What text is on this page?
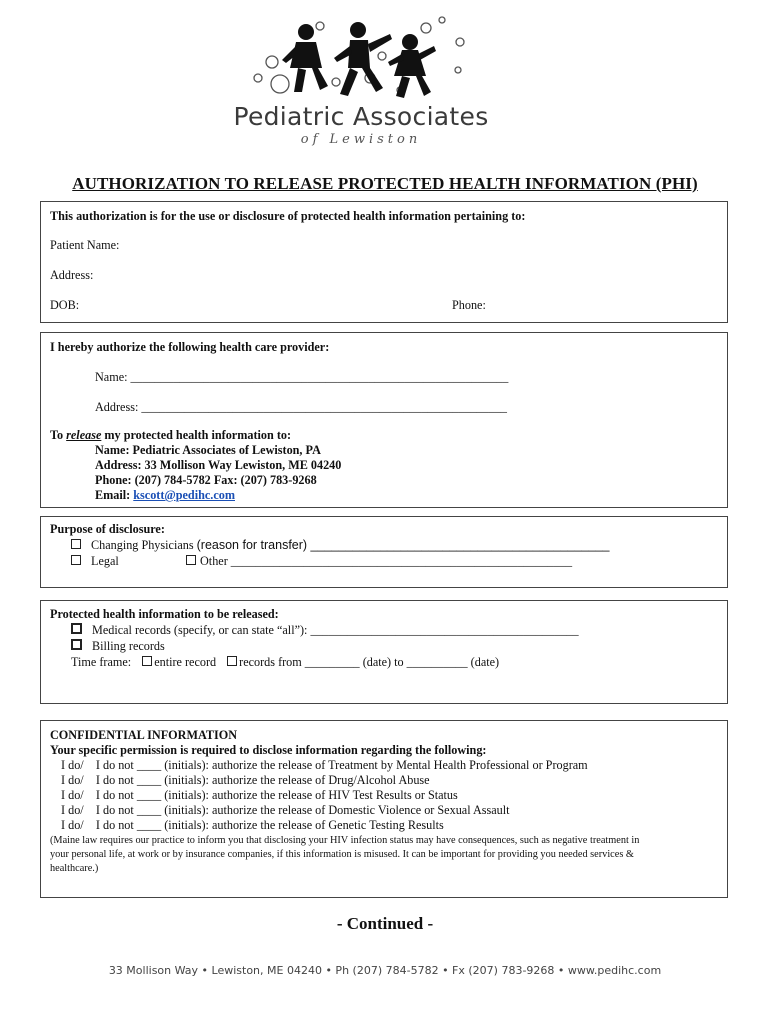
Pediatric Associates
of Lewiston
AUTHORIZATION TO RELEASE PROTECTED HEALTH INFORMATION (PHI)
This authorization is for the use or disclosure of protected health information pertaining to:
Patient Name:
Address:
DOB:	Phone:
I hereby authorize the following health care provider:
Name: ______________________________________________________________
Address: ____________________________________________________________
To release my protected health information to:
Name: Pediatric Associates of Lewiston, PA
Address: 33 Mollison Way Lewiston, ME 04240
Phone: (207) 784-5782 Fax: (207) 783-9268
Email: kscott@pedihc.com
Purpose of disclosure:
Changing Physicians (reason for transfer) ___________________________________________
Legal	Other ________________________________________________________
Protected health information to be released:
Medical records (specify, or can state “all”): ____________________________________________
Billing records
Time frame: entire record records from _________ (date) to __________ (date)
CONFIDENTIAL INFORMATION
Your specific permission is required to disclose information regarding the following:
I do/    I do not ____ (initials): authorize the release of Treatment by Mental Health Professional or Program
I do/    I do not ____ (initials): authorize the release of Drug/Alcohol Abuse
I do/    I do not ____ (initials): authorize the release of HIV Test Results or Status
I do/    I do not ____ (initials): authorize the release of Domestic Violence or Sexual Assault
I do/    I do not ____ (initials): authorize the release of Genetic Testing Results
(Maine law requires our practice to inform you that disclosing your HIV infection status may have consequences, such as negative treatment in
your personal life, at work or by insurance companies, if this information is misused. It can be important for providing you needed services &
healthcare.)
- Continued -
33 Mollison Way • Lewiston, ME 04240 • Ph (207) 784-5782 • Fx (207) 783-9268 • www.pedihc.com
